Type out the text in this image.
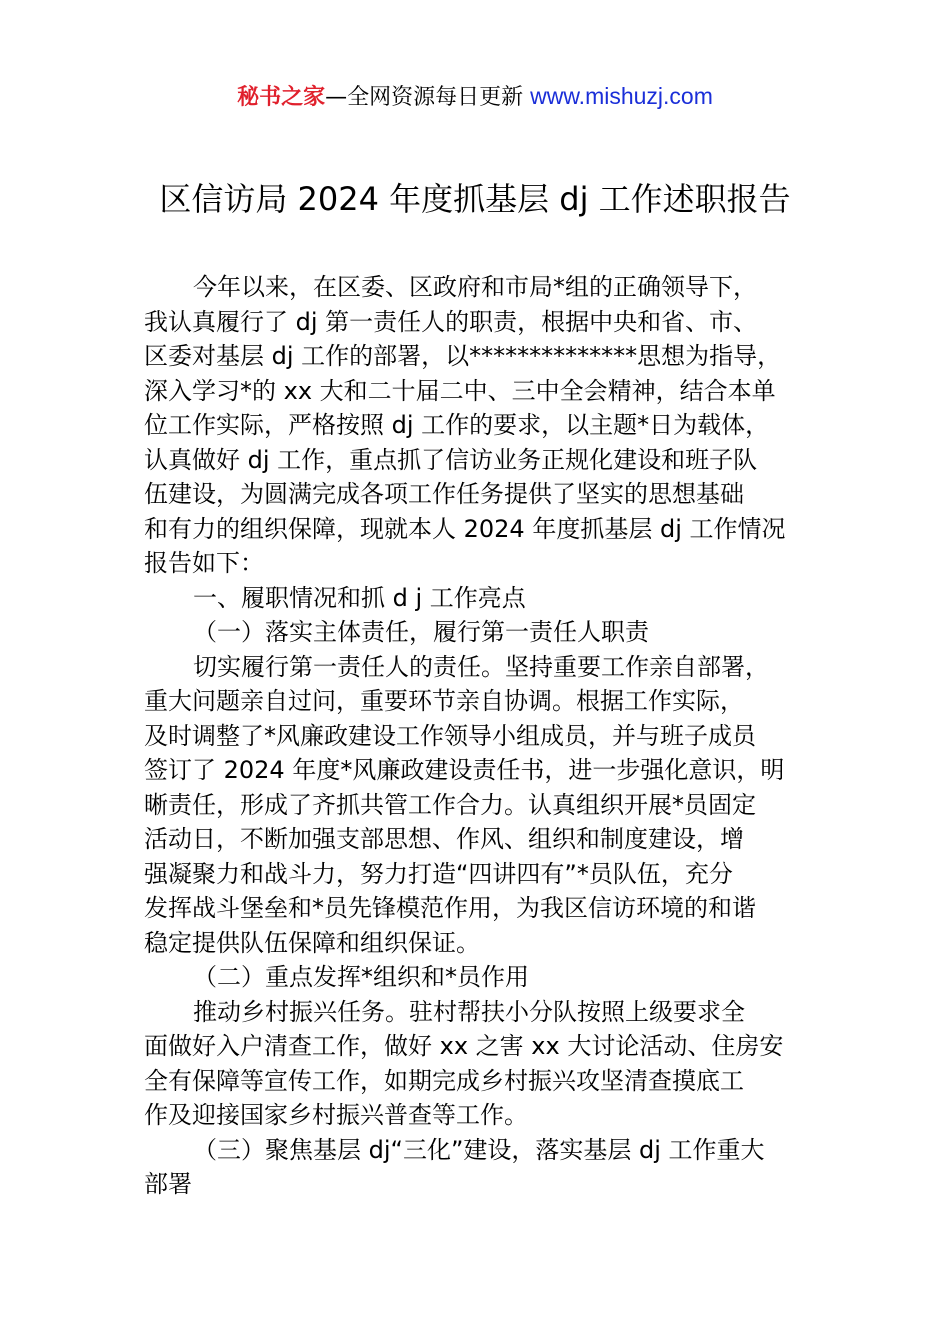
秘书之家—全网资源每日更新 www.mishuzj.com
区信访局 2024 年度抓基层 dj 工作述职报告
今年以来，在区委、区政府和市局*组的正确领导下，
我认真履行了 dj 第一责任人的职责，根据中央和省、市、
区委对基层 dj 工作的部署，以**************思想为指导，
深入学习*的 xx 大和二十届二中、三中全会精神，结合本单
位工作实际，严格按照 dj 工作的要求，以主题*日为载体，
认真做好 dj 工作，重点抓了信访业务正规化建设和班子队
伍建设，为圆满完成各项工作任务提供了坚实的思想基础
和有力的组织保障，现就本人 2024 年度抓基层 dj 工作情况
报告如下：
一、履职情况和抓 d j 工作亮点
（一）落实主体责任，履行第一责任人职责
切实履行第一责任人的责任。坚持重要工作亲自部署，
重大问题亲自过问，重要环节亲自协调。根据工作实际，
及时调整了*风廉政建设工作领导小组成员，并与班子成员
签订了 2024 年度*风廉政建设责任书，进一步强化意识，明
晰责任，形成了齐抓共管工作合力。认真组织开展*员固定
活动日，不断加强支部思想、作风、组织和制度建设，增
强凝聚力和战斗力，努力打造“四讲四有”*员队伍，充分
发挥战斗堡垒和*员先锋模范作用，为我区信访环境的和谐
稳定提供队伍保障和组织保证。
（二）重点发挥*组织和*员作用
推动乡村振兴任务。驻村帮扶小分队按照上级要求全
面做好入户清查工作，做好 xx 之害 xx 大讨论活动、住房安
全有保障等宣传工作，如期完成乡村振兴攻坚清查摸底工
作及迎接国家乡村振兴普查等工作。
（三）聚焦基层 dj“三化”建设，落实基层 dj 工作重大
部署
